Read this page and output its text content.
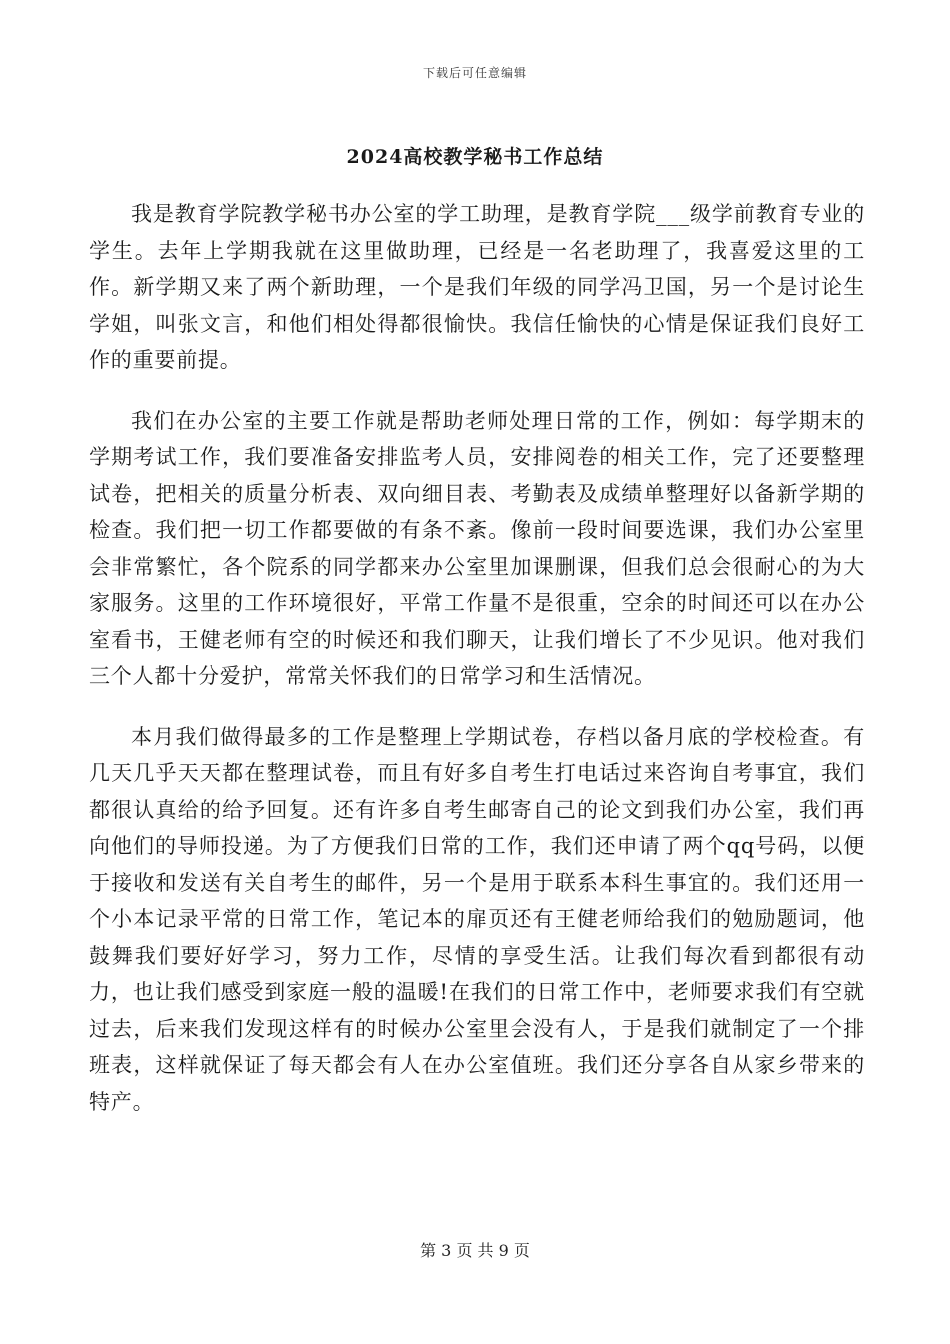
下载后可任意编辑
2024高校教学秘书工作总结

我是教育学院教学秘书办公室的学工助理，是教育学院___级学前教育专业的学生。去年上学期我就在这里做助理，已经是一名老助理了，我喜爱这里的工作。新学期又来了两个新助理，一个是我们年级的同学冯卫国，另一个是讨论生学姐，叫张文言，和他们相处得都很愉快。我信任愉快的心情是保证我们良好工作的重要前提。

我们在办公室的主要工作就是帮助老师处理日常的工作，例如：每学期末的学期考试工作，我们要准备安排监考人员，安排阅卷的相关工作，完了还要整理试卷，把相关的质量分析表、双向细目表、考勤表及成绩单整理好以备新学期的检查。我们把一切工作都要做的有条不紊。像前一段时间要选课，我们办公室里会非常繁忙，各个院系的同学都来办公室里加课删课，但我们总会很耐心的为大家服务。这里的工作环境很好，平常工作量不是很重，空余的时间还可以在办公室看书，王健老师有空的时候还和我们聊天，让我们增长了不少见识。他对我们三个人都十分爱护，常常关怀我们的日常学习和生活情况。

本月我们做得最多的工作是整理上学期试卷，存档以备月底的学校检查。有几天几乎天天都在整理试卷，而且有好多自考生打电话过来咨询自考事宜，我们都很认真给的给予回复。还有许多自考生邮寄自己的论文到我们办公室，我们再向他们的导师投递。为了方便我们日常的工作，我们还申请了两个qq号码，以便于接收和发送有关自考生的邮件，另一个是用于联系本科生事宜的。我们还用一个小本记录平常的日常工作，笔记本的扉页还有王健老师给我们的勉励题词，他鼓舞我们要好好学习，努力工作，尽情的享受生活。让我们每次看到都很有动力，也让我们感受到家庭一般的温暖!在我们的日常工作中，老师要求我们有空就过去，后来我们发现这样有的时候办公室里会没有人，于是我们就制定了一个排班表，这样就保证了每天都会有人在办公室值班。我们还分享各自从家乡带来的特产。

第 3 页 共 9 页
